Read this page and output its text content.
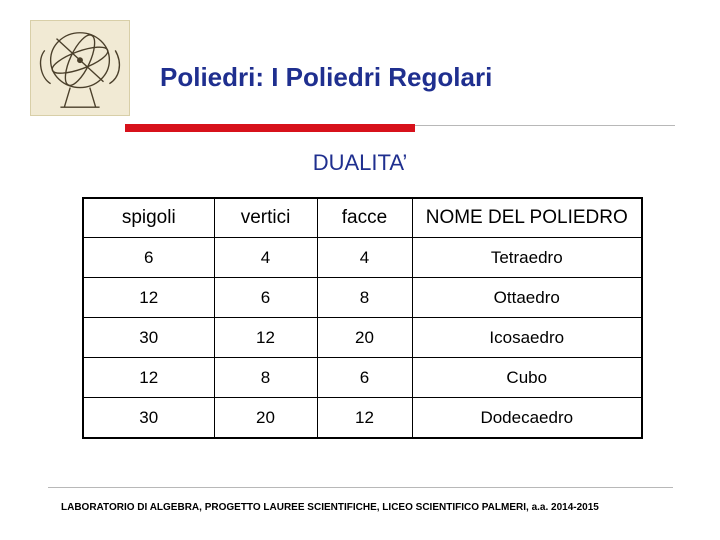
Poliedri: I Poliedri Regolari
DUALITA’
spigoli	vertici	facce	NOME DEL POLIEDRO
6	4	4	Tetraedro
12	6	8	Ottaedro
30	12	20	Icosaedro
12	8	6	Cubo
30	20	12	Dodecaedro
LABORATORIO DI ALGEBRA, PROGETTO LAUREE SCIENTIFICHE, LICEO SCIENTIFICO PALMERI, a.a. 2014-2015
